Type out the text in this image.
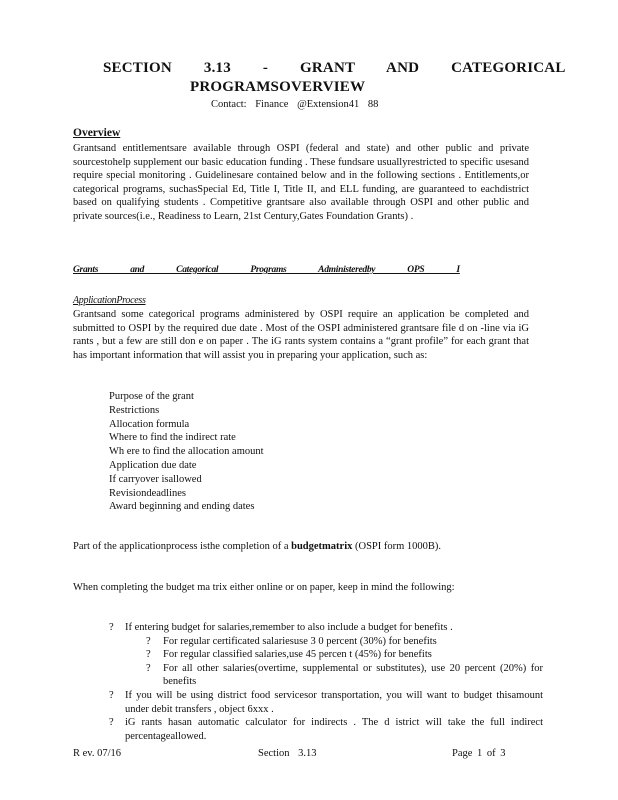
SECTION 3.13 - GRANT AND CATEGORICAL
PROGRAMSOVERVIEW
Contact: Finance @Extension41 88
Overview

Grantsand entitlementsare available through OSPI (federal and state) and other public and private sourcestohelp supplement our basic education funding . These fundsare usuallyrestricted to specific usesand require special monitoring . Guidelinesare contained below and in the following sections . Entitlements,or categorical programs, suchasSpecial Ed, Title I, Title II, and ELL funding, are guaranteed to eachdistrict based on qualifying students . Competitive grantsare also available through OSPI and other public and private sources(i.e., Readiness to Learn, 21st Century,Gates Foundation Grants) .

Grants and Categorical Programs Administeredby OPS I
ApplicationProcess

Grantsand some categorical programs administered by OSPI require an application be completed and submitted to OSPI by the required due date . Most of the OSPI administered grantsare file d on -line via iG rants , but a few are still don e on paper . The iG rants system contains a “grant profile” for each grant that has important information that will assist you in preparing your application, such as:

Purpose of the grant
Restrictions
Allocation formula
Where to find the indirect rate
Wh ere to find the allocation amount
Application due date
If carryover isallowed
Revisiondeadlines
Award beginning and ending dates

Part of the applicationprocess isthe completion of a budgetmatrix (OSPI form 1000B).

When completing the budget ma trix either online or on paper, keep in mind the following:

? If entering budget for salaries,remember to also include a budget for benefits .
? For regular certificated salariesuse 3 0 percent (30%) for benefits
? For regular classified salaries,use 45 percen t (45%) for benefits
? For all other salaries(overtime, supplemental or substitutes), use 20 percent (20%) for benefits
? If you will be using district food servicesor transportation, you will want to budget thisamount under debit transfers , object 6xxx .
? iG rants hasan automatic calculator for indirects . The d istrict will take the full indirect percentageallowed.
R ev. 07/16	Section 3.13	Page 1 of 3
